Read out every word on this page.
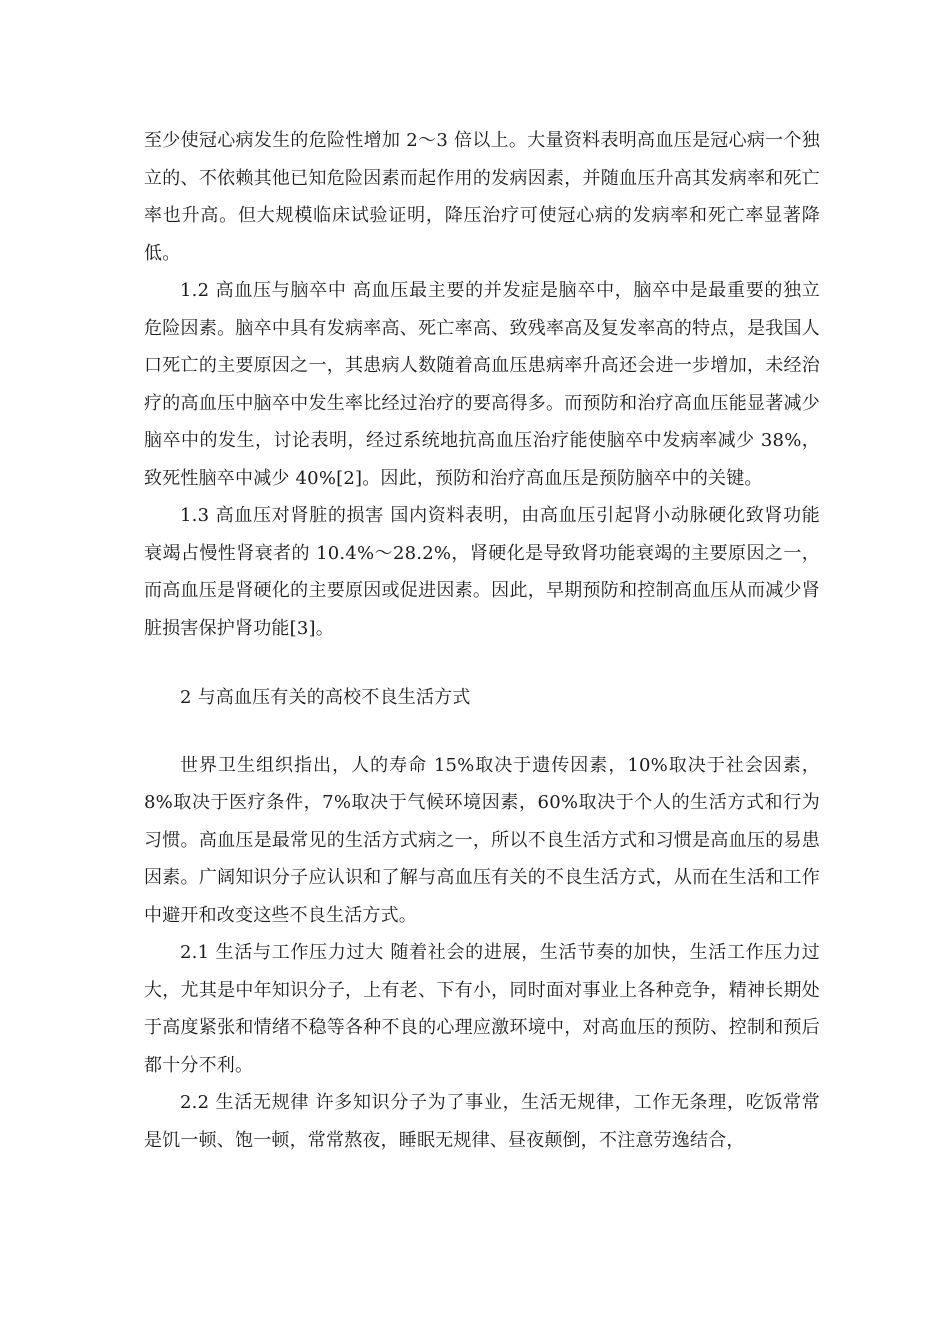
至少使冠心病发生的危险性增加 2～3 倍以上。大量资料表明高血压是冠心病一个独立的、不依赖其他已知危险因素而起作用的发病因素，并随血压升高其发病率和死亡率也升高。但大规模临床试验证明，降压治疗可使冠心病的发病率和死亡率显著降低。

1.2 高血压与脑卒中 高血压最主要的并发症是脑卒中，脑卒中是最重要的独立危险因素。脑卒中具有发病率高、死亡率高、致残率高及复发率高的特点，是我国人口死亡的主要原因之一，其患病人数随着高血压患病率升高还会进一步增加，未经治疗的高血压中脑卒中发生率比经过治疗的要高得多。而预防和治疗高血压能显著减少脑卒中的发生，讨论表明，经过系统地抗高血压治疗能使脑卒中发病率减少 38%，致死性脑卒中减少 40%[2]。因此，预防和治疗高血压是预防脑卒中的关键。

1.3 高血压对肾脏的损害 国内资料表明，由高血压引起肾小动脉硬化致肾功能衰竭占慢性肾衰者的 10.4%～28.2%，肾硬化是导致肾功能衰竭的主要原因之一，而高血压是肾硬化的主要原因或促进因素。因此，早期预防和控制高血压从而减少肾脏损害保护肾功能[3]。

2 与高血压有关的高校不良生活方式

世界卫生组织指出，人的寿命 15%取决于遗传因素，10%取决于社会因素，8%取决于医疗条件，7%取决于气候环境因素，60%取决于个人的生活方式和行为习惯。高血压是最常见的生活方式病之一，所以不良生活方式和习惯是高血压的易患因素。广阔知识分子应认识和了解与高血压有关的不良生活方式，从而在生活和工作中避开和改变这些不良生活方式。

2.1 生活与工作压力过大 随着社会的进展，生活节奏的加快，生活工作压力过大，尤其是中年知识分子，上有老、下有小，同时面对事业上各种竞争，精神长期处于高度紧张和情绪不稳等各种不良的心理应激环境中，对高血压的预防、控制和预后都十分不利。

2.2 生活无规律 许多知识分子为了事业，生活无规律，工作无条理，吃饭常常是饥一顿、饱一顿，常常熬夜，睡眠无规律、昼夜颠倒，不注意劳逸结合，
